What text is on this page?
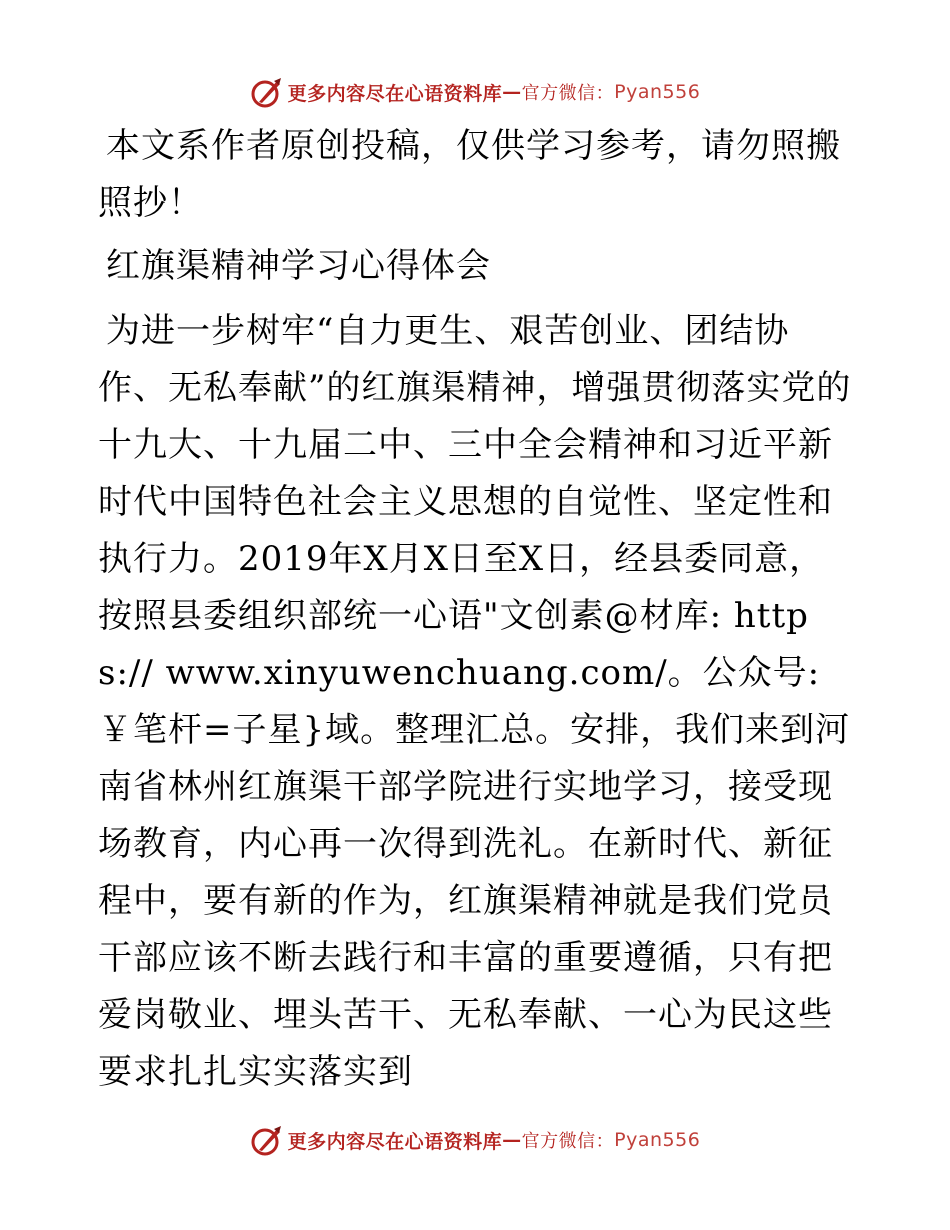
更多内容尽在心语资料库 — 官方微信： Pyan556

本文系作者原创投稿，仅供学习参考，请勿照搬照抄！

红旗渠精神学习心得体会

为进一步树牢“自力更生、艰苦创业、团结协作、无私奉献”的红旗渠精神，增强贯彻落实党的十九大、十九届二中、三中全会精神和习近平新时代中国特色社会主义思想的自觉性、坚定性和执行力。2019年X月X日至X日，经县委同意，按照县委组织部统一心语"文创素@材库: https:// www.xinyuwenchuang.com/。公众号: ￥笔杆=子星}域。整理汇总。安排，我们来到河南省林州红旗渠干部学院进行实地学习，接受现场教育，内心再一次得到洗礼。在新时代、新征程中，要有新的作为，红旗渠精神就是我们党员干部应该不断去践行和丰富的重要遵循，只有把爱岗敬业、埋头苦干、无私奉献、一心为民这些要求扎扎实实落实到

更多内容尽在心语资料库 — 官方微信： Pyan556
